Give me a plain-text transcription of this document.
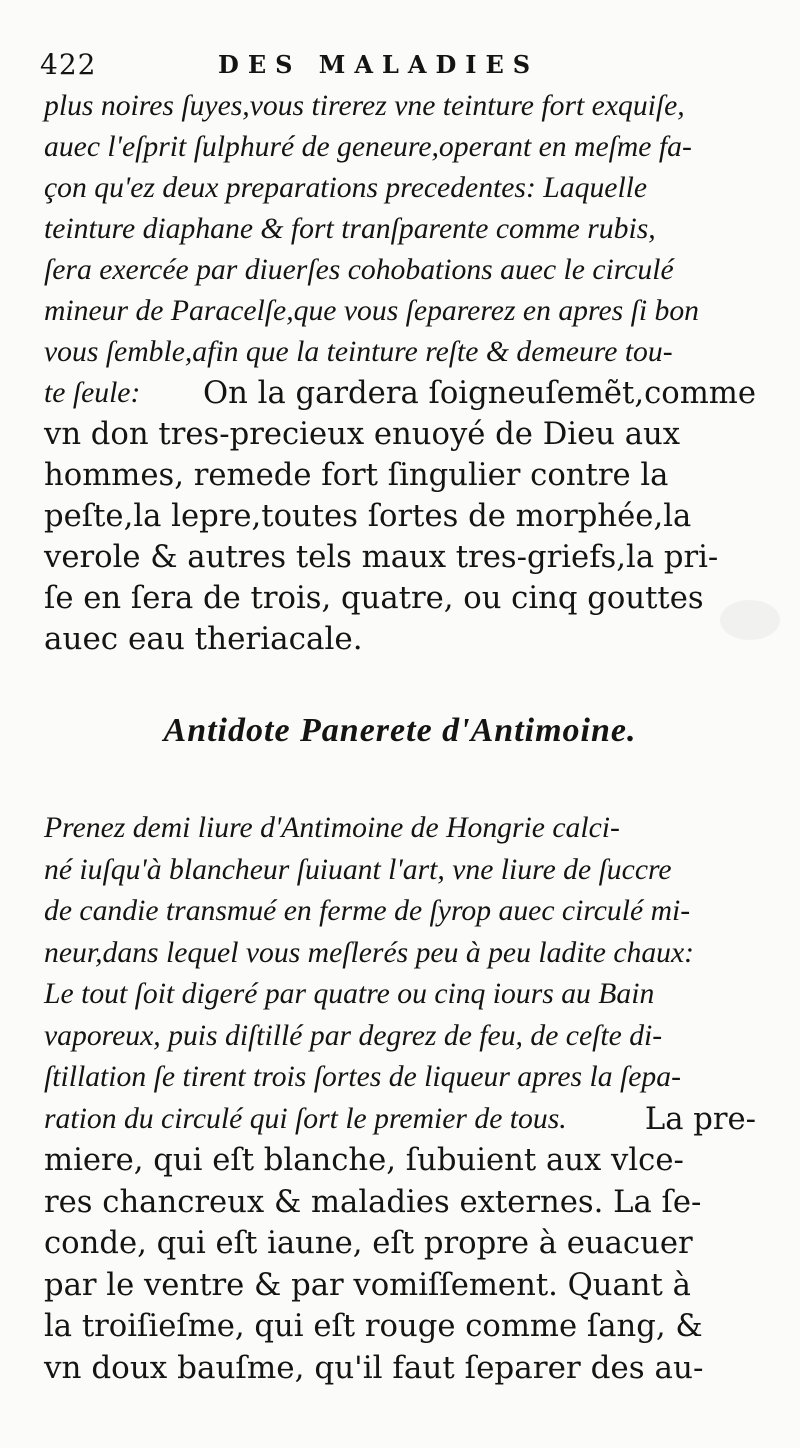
422	DES MALADIES
plus noires ſuyes,vous tirerez vne teinture fort exquiſe,
auec l'eſprit ſulphuré de geneure,operant en meſme fa-
çon qu'ez deux preparations precedentes: Laquelle
teinture diaphane & fort tranſparente comme rubis,
ſera exercée par diuerſes cohobations auec le circulé
mineur de Paracelſe,que vous ſeparerez en apres ſi bon
vous ſemble,afin que la teinture reſte & demeure tou-
te ſeule: On la gardera ſoigneuſemẽt,comme
vn don tres-precieux enuoyé de Dieu aux
hommes, remede fort ſingulier contre la
peſte,la lepre,toutes ſortes de morphée,la
verole & autres tels maux tres-griefs,la pri-
ſe en ſera de trois, quatre, ou cinq gouttes
auec eau theriacale.
Antidote Panerete d'Antimoine.
Prenez demi liure d'Antimoine de Hongrie calci-
né iuſqu'à blancheur ſuiuant l'art, vne liure de ſuccre
de candie transmué en ferme de ſyrop auec circulé mi-
neur,dans lequel vous meſlerés peu à peu ladite chaux:
Le tout ſoit digeré par quatre ou cinq iours au Bain
vaporeux, puis diſtillé par degrez de feu, de ceſte di-
ſtillation ſe tirent trois ſortes de liqueur apres la ſepa-
ration du circulé qui ſort le premier de tous. La pre-
miere, qui eſt blanche, ſubuient aux vlce-
res chancreux & maladies externes. La ſe-
conde, qui eſt iaune, eſt propre à euacuer
par le ventre & par vomiſſement. Quant à
la troiſieſme, qui eſt rouge comme ſang, &
vn doux bauſme, qu'il faut ſeparer des au-
